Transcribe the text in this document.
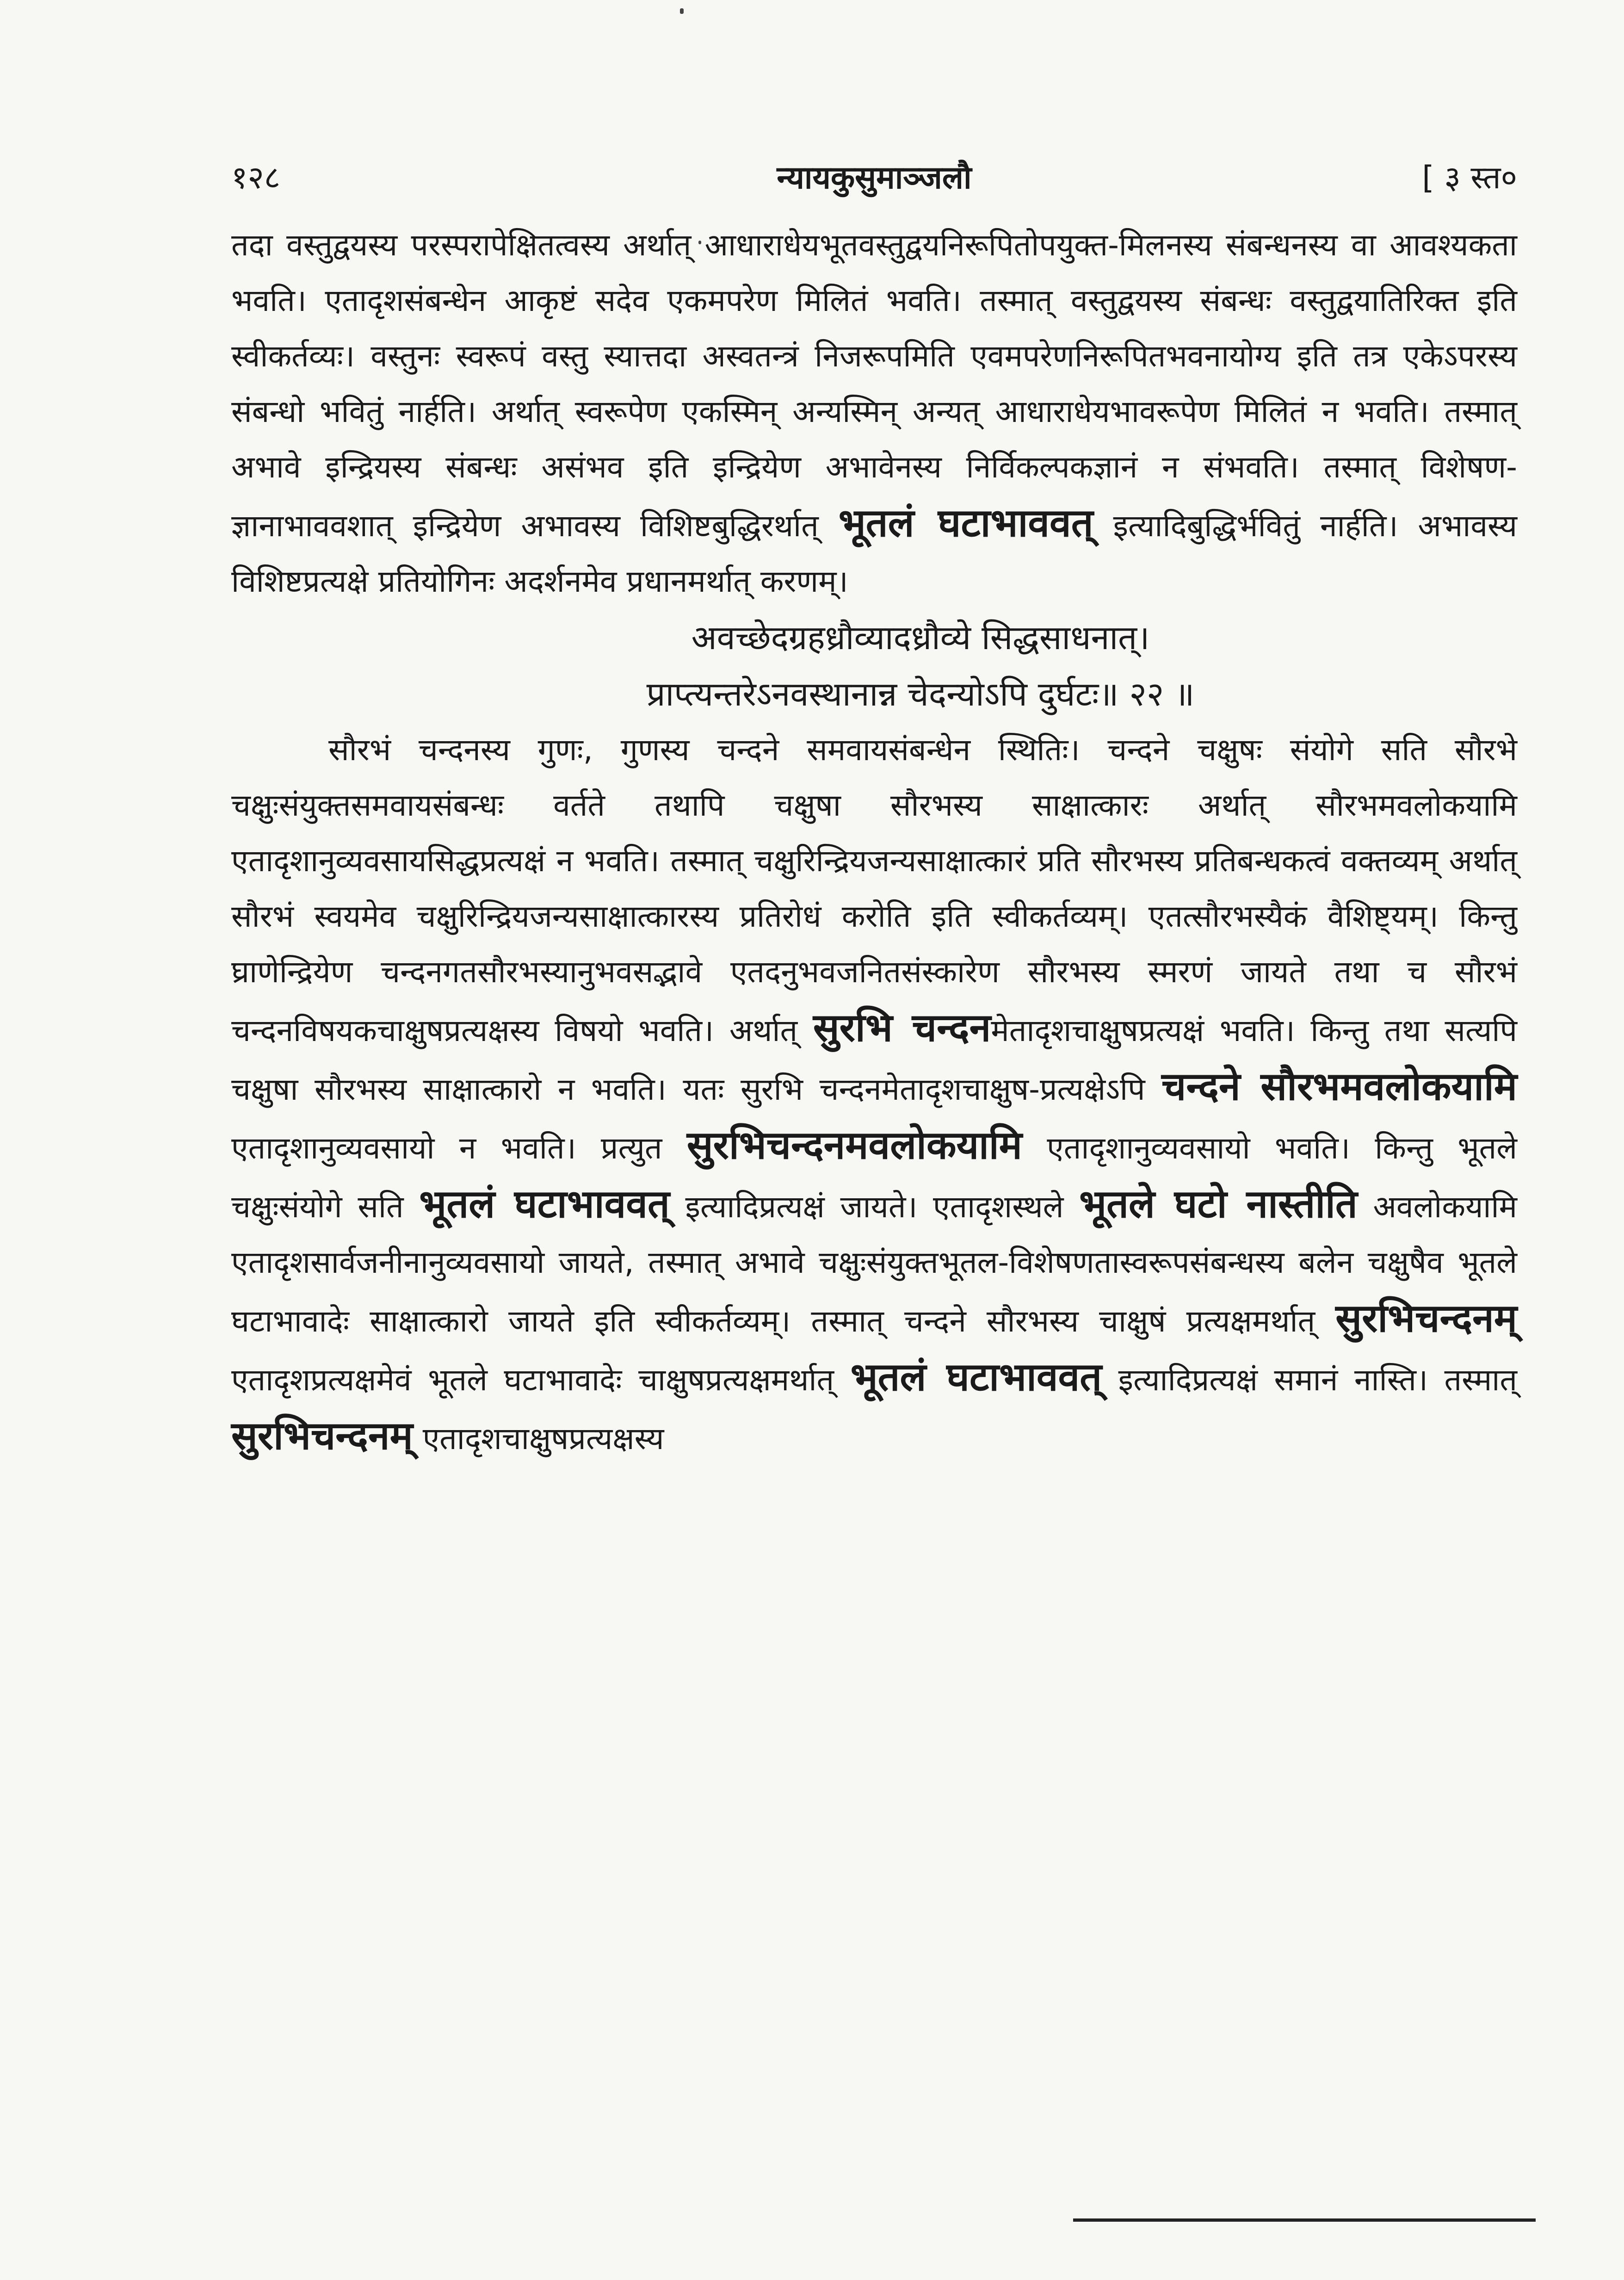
१२८	न्यायकुसुमाञ्जलौ	[ ३ स्त०

तदा वस्तुद्वयस्य परस्परापेक्षितत्वस्य अर्थात् आधाराधेयभूतवस्तुद्वयनिरूपितोपयुक्त-मिलनस्य संबन्धनस्य वा आवश्यकता भवति। एतादृशसंबन्धेन आकृष्टं सदेव एकमपरेण मिलितं भवति। तस्मात् वस्तुद्वयस्य संबन्धः वस्तुद्वयातिरिक्त इति स्वीकर्तव्यः। वस्तुनः स्वरूपं वस्तु स्यात्तदा अस्वतन्त्रं निजरूपमिति एवमपरेणनिरूपितभवनायोग्य इति तत्र एकेऽपरस्य संबन्धो भवितुं नार्हति। अर्थात् स्वरूपेण एकस्मिन् अन्यस्मिन् अन्यत् आधाराधेयभावरूपेण मिलितं न भवति। तस्मात् अभावे इन्द्रियस्य संबन्धः असंभव इति इन्द्रियेण अभावेनस्य निर्विकल्पकज्ञानं न संभवति। तस्मात् विशेषण-ज्ञानाभाववशात् इन्द्रियेण अभावस्य विशिष्टबुद्धिरर्थात् भूतलं घटाभाववत् इत्यादिबुद्धिर्भवितुं नार्हति। अभावस्य विशिष्टप्रत्यक्षे प्रतियोगिनः अदर्शनमेव प्रधानमर्थात् करणम्।

अवच्छेदग्रहध्रौव्यादध्रौव्ये सिद्धसाधनात्।

प्राप्त्यन्तरेऽनवस्थानान्न चेदन्योऽपि दुर्घटः॥ २२ ॥

सौरभं चन्दनस्य गुणः, गुणस्य चन्दने समवायसंबन्धेन स्थितिः। चन्दने चक्षुषः संयोगे सति सौरभे चक्षुःसंयुक्तसमवायसंबन्धः वर्तते तथापि चक्षुषा सौरभस्य साक्षात्कारः अर्थात् सौरभमवलोकयामि एतादृशानुव्यवसायसिद्धप्रत्यक्षं न भवति। तस्मात् चक्षुरिन्द्रियजन्यसाक्षात्कारं प्रति सौरभस्य प्रतिबन्धकत्वं वक्तव्यम् अर्थात् सौरभं स्वयमेव चक्षुरिन्द्रियजन्यसाक्षात्कारस्य प्रतिरोधं करोति इति स्वीकर्तव्यम्। एतत्सौरभस्यैकं वैशिष्ट्यम्। किन्तु घ्राणेन्द्रियेण चन्दनगतसौरभस्यानुभवसद्भावे एतदनुभवजनितसंस्कारेण सौरभस्य स्मरणं जायते तथा च सौरभं चन्दनविषयकचाक्षुषप्रत्यक्षस्य विषयो भवति। अर्थात् सुरभि चन्दनमेतादृशचाक्षुषप्रत्यक्षं भवति। किन्तु तथा सत्यपि चक्षुषा सौरभस्य साक्षात्कारो न भवति। यतः सुरभि चन्दनमेतादृशचाक्षुष-प्रत्यक्षेऽपि चन्दने सौरभमवलोकयामि एतादृशानुव्यवसायो न भवति। प्रत्युत सुरभिचन्दनमवलोकयामि एतादृशानुव्यवसायो भवति। किन्तु भूतले चक्षुःसंयोगे सति भूतलं घटाभाववत् इत्यादिप्रत्यक्षं जायते। एतादृशस्थले भूतले घटो नास्तीति अवलोकयामि एतादृशसार्वजनीनानुव्यवसायो जायते, तस्मात् अभावे चक्षुःसंयुक्तभूतल-विशेषणतास्वरूपसंबन्धस्य बलेन चक्षुषैव भूतले घटाभावादेः साक्षात्कारो जायते इति स्वीकर्तव्यम्। तस्मात् चन्दने सौरभस्य चाक्षुषं प्रत्यक्षमर्थात् सुरभिचन्दनम् एतादृशप्रत्यक्षमेवं भूतले घटाभावादेः चाक्षुषप्रत्यक्षमर्थात् भूतलं घटाभाववत् इत्यादिप्रत्यक्षं समानं नास्ति। तस्मात् सुरभिचन्दनम् एतादृशचाक्षुषप्रत्यक्षस्य
